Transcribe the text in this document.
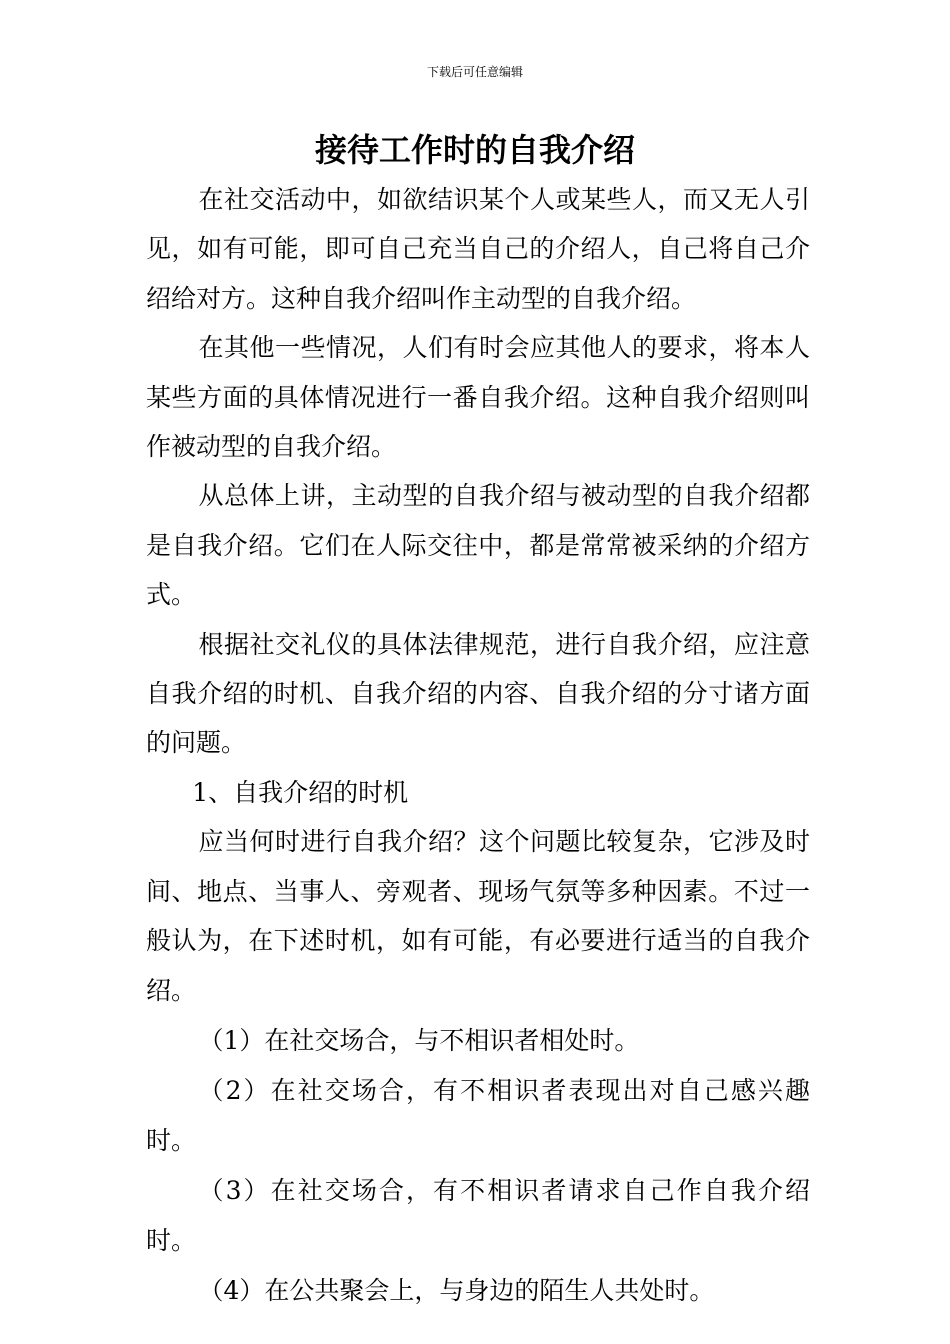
下载后可任意编辑
接待工作时的自我介绍

在社交活动中，如欲结识某个人或某些人，而又无人引见，如有可能，即可自己充当自己的介绍人，自己将自己介绍给对方。这种自我介绍叫作主动型的自我介绍。

在其他一些情况，人们有时会应其他人的要求，将本人某些方面的具体情况进行一番自我介绍。这种自我介绍则叫作被动型的自我介绍。

从总体上讲，主动型的自我介绍与被动型的自我介绍都是自我介绍。它们在人际交往中，都是常常被采纳的介绍方式。

根据社交礼仪的具体法律规范，进行自我介绍，应注意自我介绍的时机、自我介绍的内容、自我介绍的分寸诸方面的问题。

1、自我介绍的时机

应当何时进行自我介绍？这个问题比较复杂，它涉及时间、地点、当事人、旁观者、现场气氛等多种因素。不过一般认为，在下述时机，如有可能，有必要进行适当的自我介绍。

（1）在社交场合，与不相识者相处时。

（2）在社交场合，有不相识者表现出对自己感兴趣时。

（3）在社交场合，有不相识者请求自己作自我介绍时。

（4）在公共聚会上，与身边的陌生人共处时。
